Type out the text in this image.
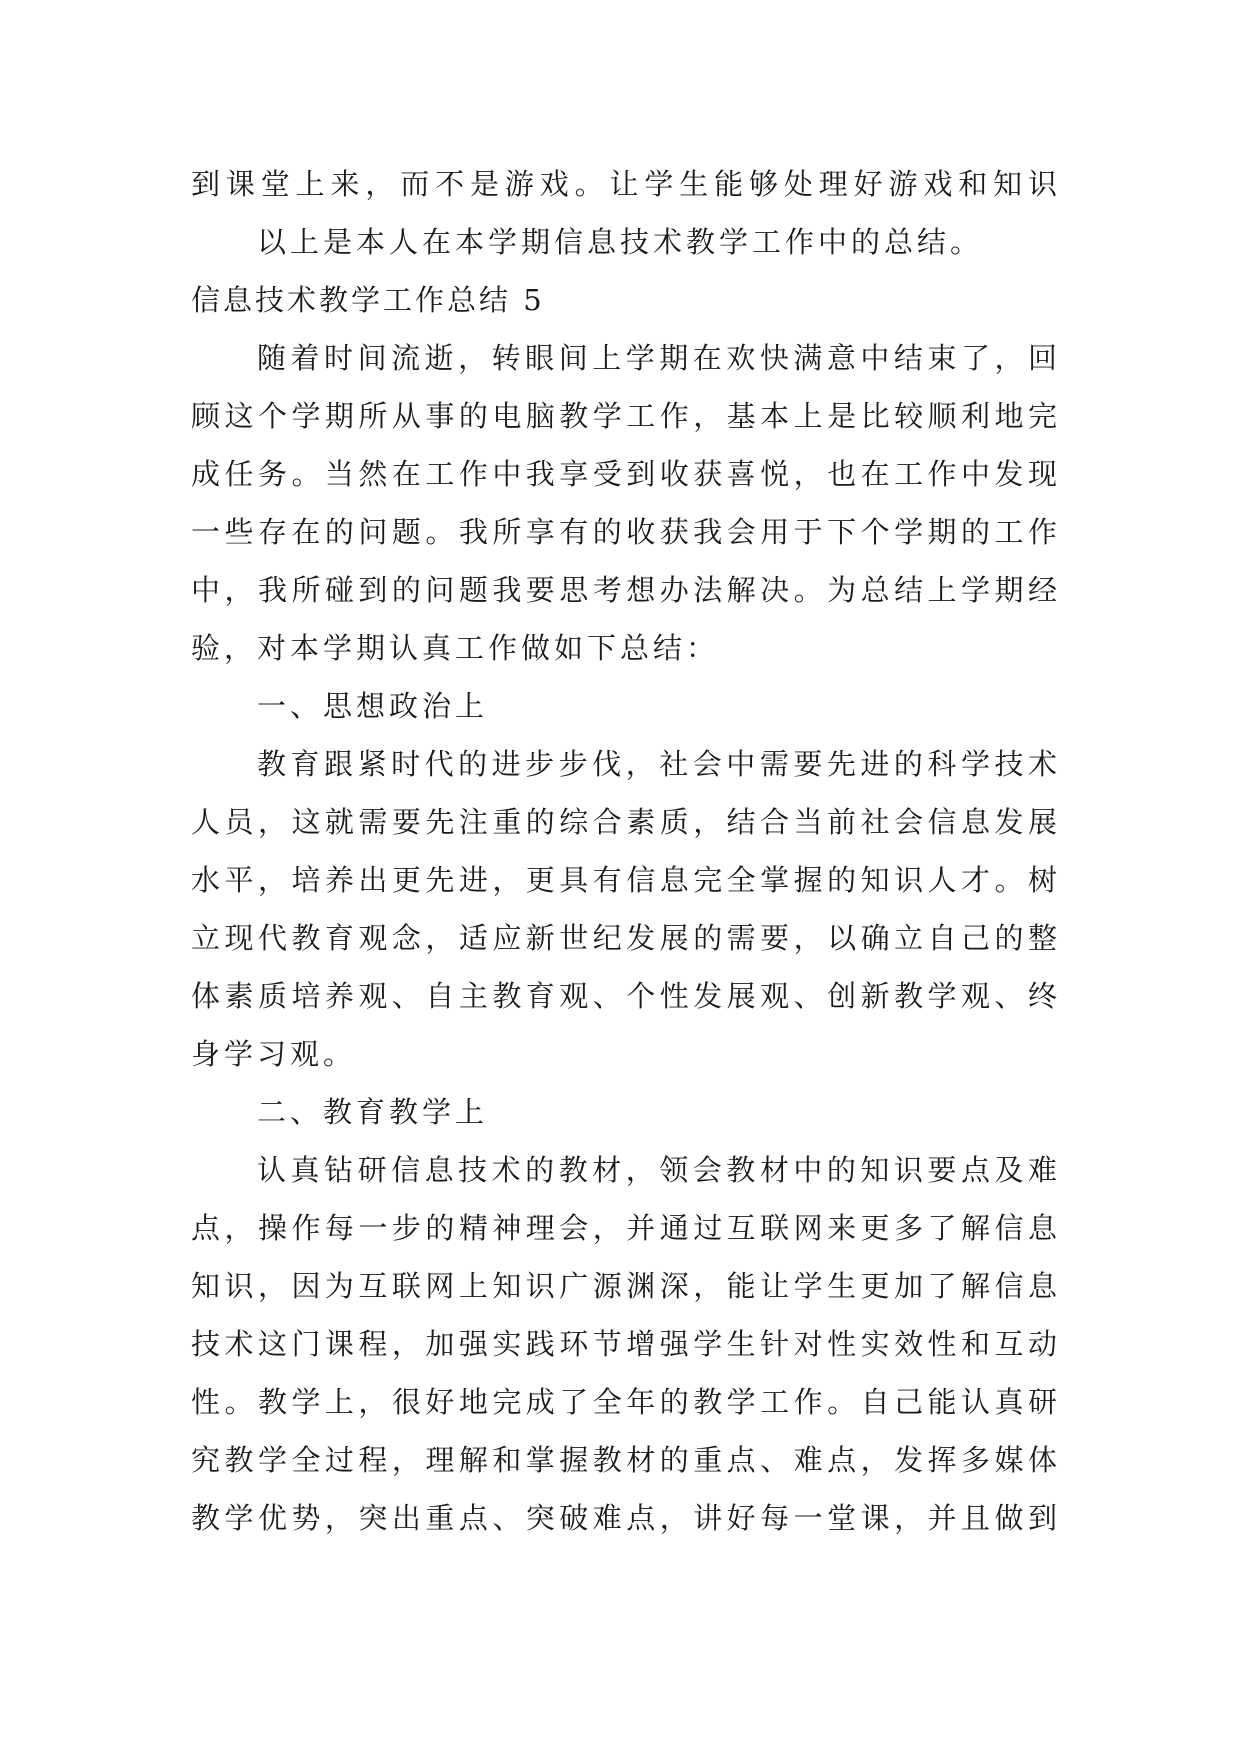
到课堂上来，而不是游戏。让学生能够处理好游戏和知识
以上是本人在本学期信息技术教学工作中的总结。
信息技术教学工作总结 5
随着时间流逝，转眼间上学期在欢快满意中结束了，回
顾这个学期所从事的电脑教学工作，基本上是比较顺利地完
成任务。当然在工作中我享受到收获喜悦，也在工作中发现
一些存在的问题。我所享有的收获我会用于下个学期的工作
中，我所碰到的问题我要思考想办法解决。为总结上学期经
验，对本学期认真工作做如下总结：
一、思想政治上
教育跟紧时代的进步步伐，社会中需要先进的科学技术
人员，这就需要先注重的综合素质，结合当前社会信息发展
水平，培养出更先进，更具有信息完全掌握的知识人才。树
立现代教育观念，适应新世纪发展的需要，以确立自己的整
体素质培养观、自主教育观、个性发展观、创新教学观、终
身学习观。
二、教育教学上
认真钻研信息技术的教材，领会教材中的知识要点及难
点，操作每一步的精神理会，并通过互联网来更多了解信息
知识，因为互联网上知识广源渊深，能让学生更加了解信息
技术这门课程，加强实践环节增强学生针对性实效性和互动
性。教学上，很好地完成了全年的教学工作。自己能认真研
究教学全过程，理解和掌握教材的重点、难点，发挥多媒体
教学优势，突出重点、突破难点，讲好每一堂课，并且做到
